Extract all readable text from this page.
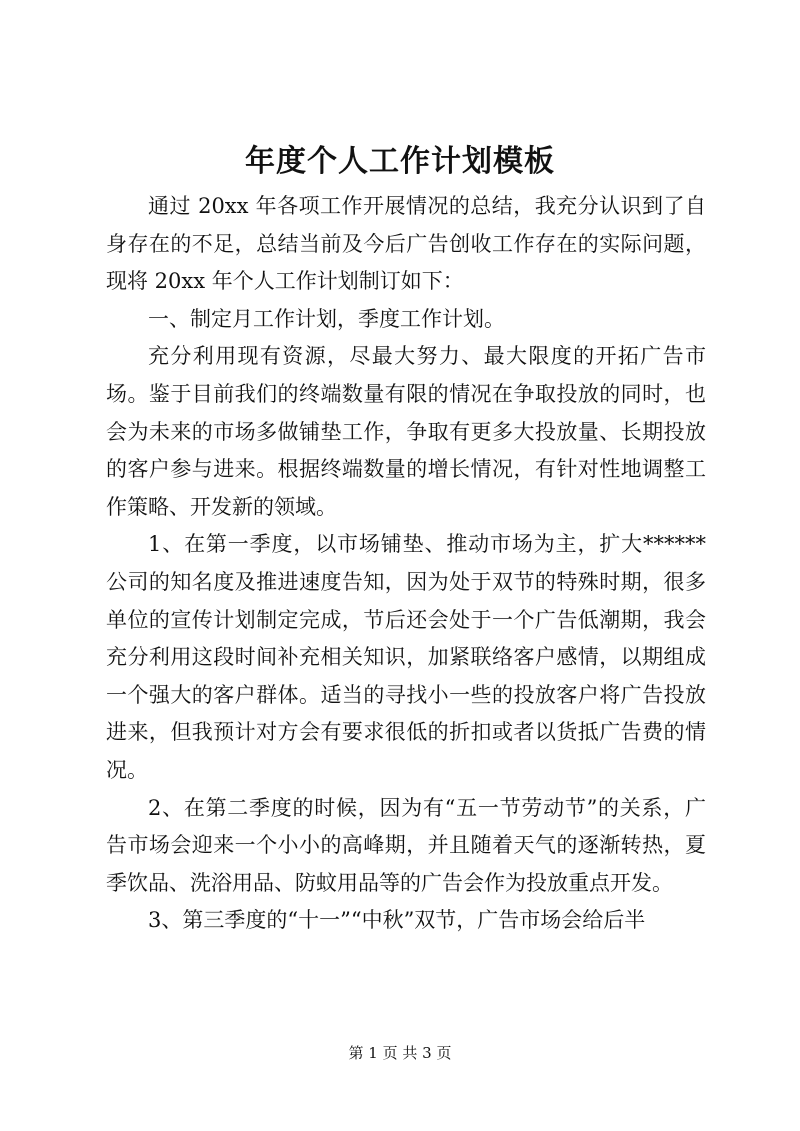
年度个人工作计划模板

通过 20xx 年各项工作开展情况的总结，我充分认识到了自身存在的不足，总结当前及今后广告创收工作存在的实际问题，现将 20xx 年个人工作计划制订如下：

一、制定月工作计划，季度工作计划。

充分利用现有资源，尽最大努力、最大限度的开拓广告市场。鉴于目前我们的终端数量有限的情况在争取投放的同时，也会为未来的市场多做铺垫工作，争取有更多大投放量、长期投放的客户参与进来。根据终端数量的增长情况，有针对性地调整工作策略、开发新的领域。

1、在第一季度，以市场铺垫、推动市场为主，扩大******公司的知名度及推进速度告知，因为处于双节的特殊时期，很多单位的宣传计划制定完成，节后还会处于一个广告低潮期，我会充分利用这段时间补充相关知识，加紧联络客户感情，以期组成一个强大的客户群体。适当的寻找小一些的投放客户将广告投放进来，但我预计对方会有要求很低的折扣或者以货抵广告费的情况。

2、在第二季度的时候，因为有“五一节劳动节”的关系，广告市场会迎来一个小小的高峰期，并且随着天气的逐渐转热，夏季饮品、洗浴用品、防蚊用品等的广告会作为投放重点开发。

3、第三季度的“十一”“中秋”双节，广告市场会给后半

第 1 页 共 3 页
